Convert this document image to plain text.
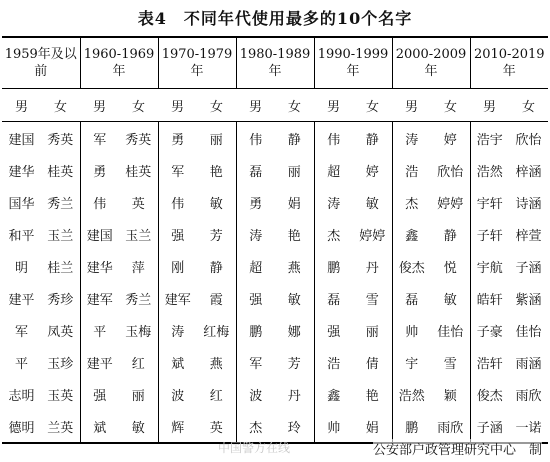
表4　不同年代使用最多的10个名字
1959年及以前		1960-1969年		1970-1979年		1980-1989年		1990-1999年		2000-2009年		2010-2019年	
男	女	男	女	男	女	男	女	男	女	男	女	男	女
建国	秀英	军	秀英	勇	丽	伟	静	伟	静	涛	婷	浩宇	欣怡
建华	桂英	勇	桂英	军	艳	磊	丽	超	婷	浩	欣怡	浩然	梓涵
国华	秀兰	伟	英	伟	敏	勇	娟	涛	敏	杰	婷婷	宇轩	诗涵
和平	玉兰	建国	玉兰	强	芳	涛	艳	杰	婷婷	鑫	静	子轩	梓萱
明	桂兰	建华	萍	刚	静	超	燕	鹏	丹	俊杰	悦	宇航	子涵
建平	秀珍	建军	秀兰	建军	霞	强	敏	磊	雪	磊	敏	皓轩	紫涵
军	凤英	平	玉梅	涛	红梅	鹏	娜	强	丽	帅	佳怡	子豪	佳怡
平	玉珍	建平	红	斌	燕	军	芳	浩	倩	宇	雪	浩轩	雨涵
志明	玉英	强	丽	波	红	波	丹	鑫	艳	浩然	颖	俊杰	雨欣
德明	兰英	斌	敏	辉	英	杰	玲	帅	娟	鹏	雨欣	子涵	一诺
中国警方在线	公安部户政管理研究中心　制
